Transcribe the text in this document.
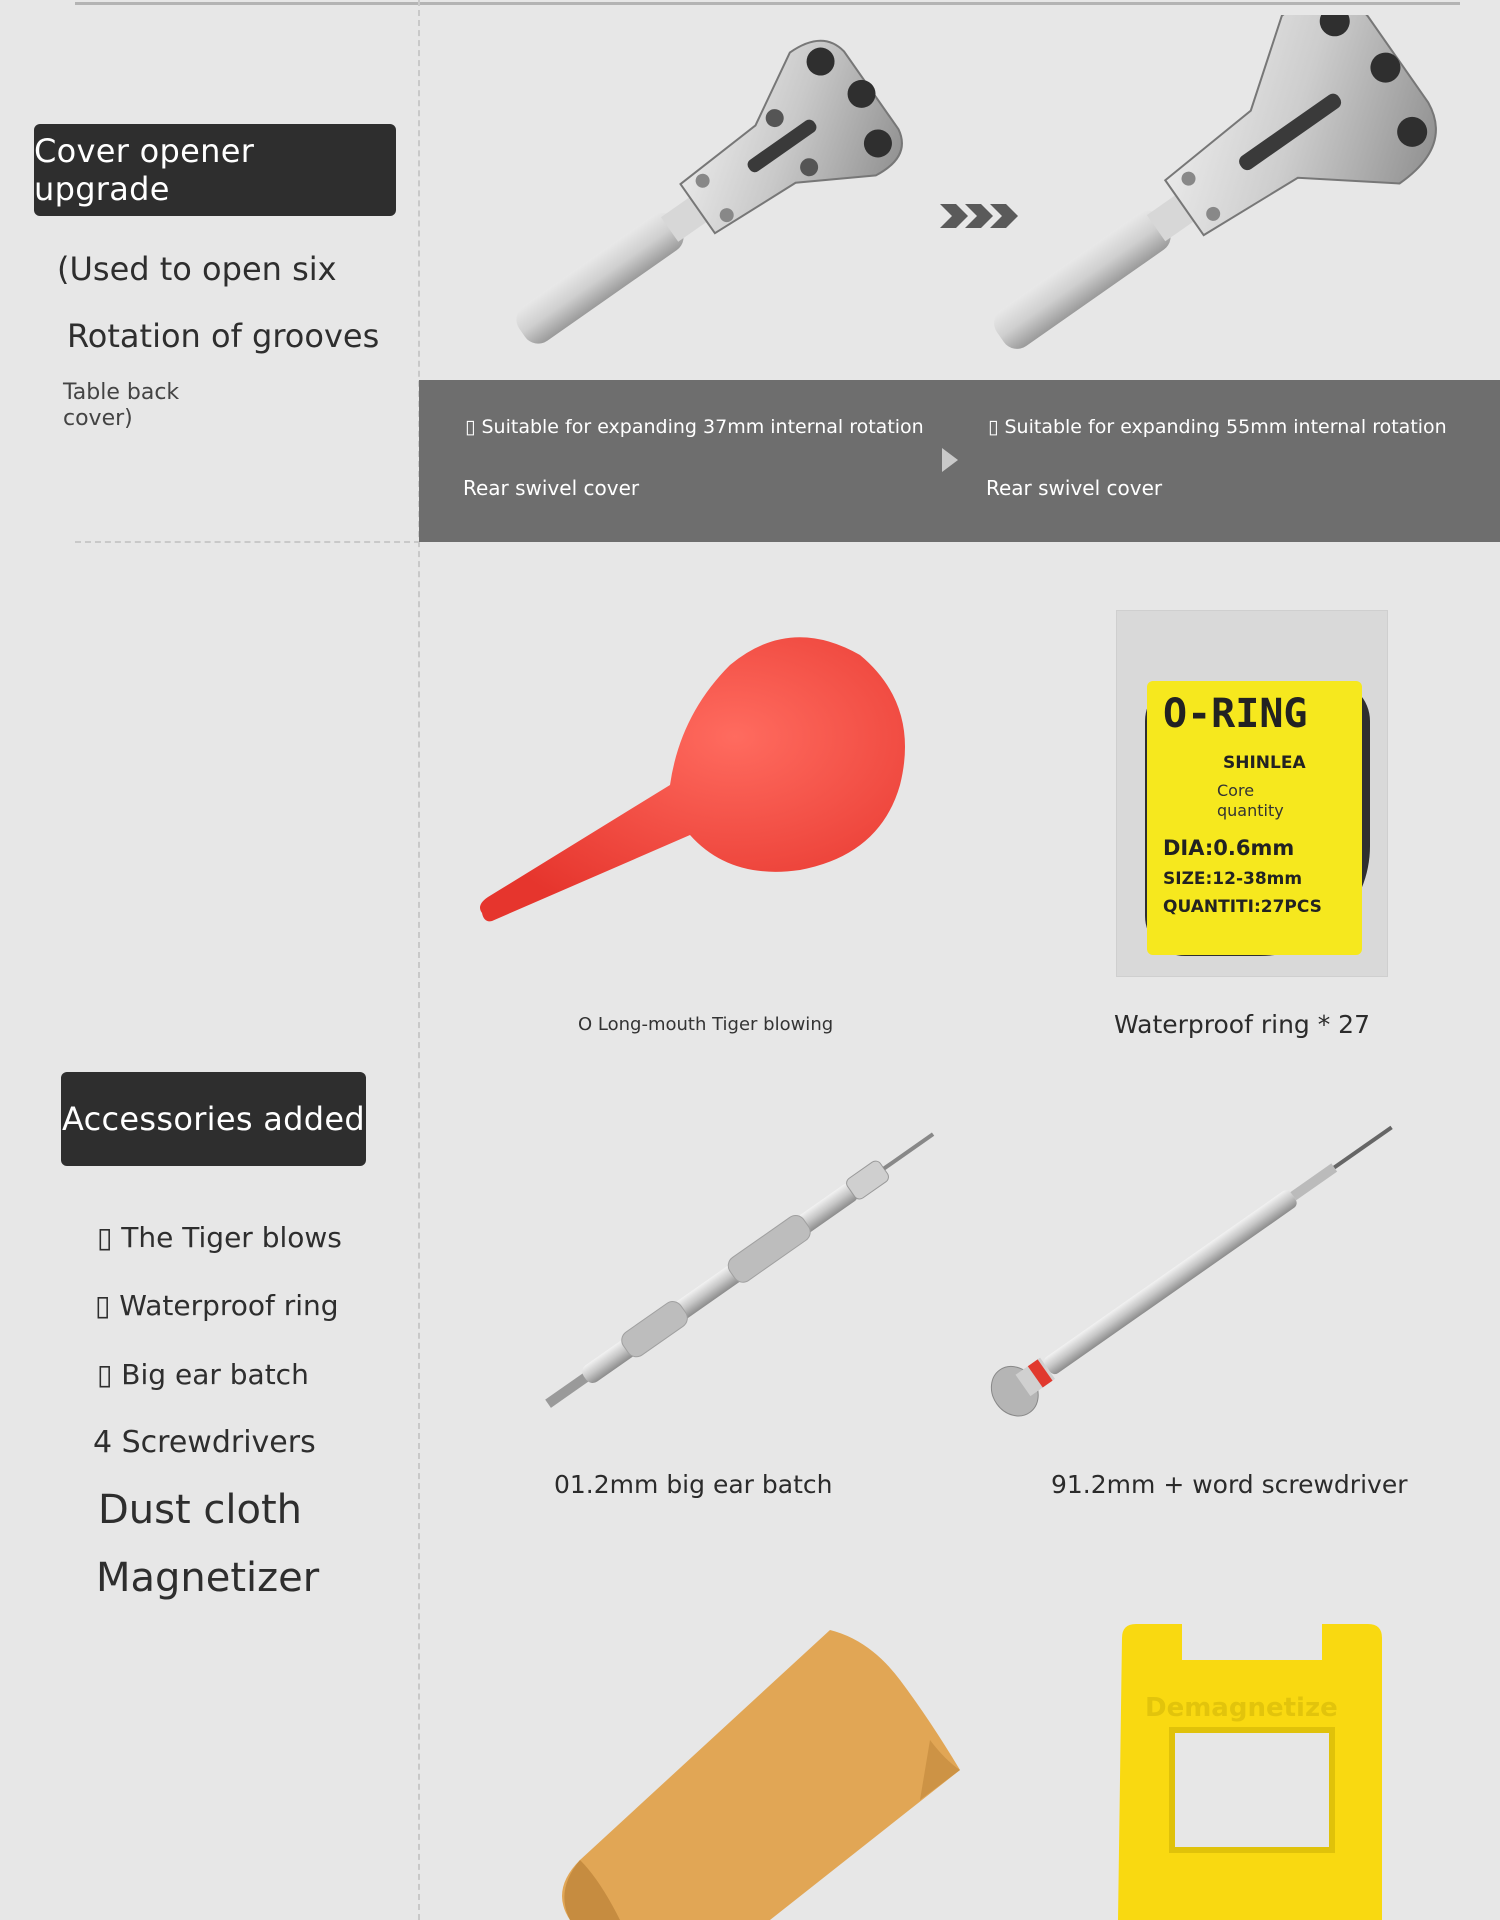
Cover opener upgrade
(Used to open six
Rotation of grooves
Table back
cover)
Accessories added
▯ The Tiger blows
▯ Waterproof ring
▯ Big ear batch
4 Screwdrivers
Dust cloth
Magnetizer
▯ Suitable for expanding 37mm internal rotation
Rear swivel cover
▯ Suitable for expanding 55mm internal rotation
Rear swivel cover
O Long-mouth Tiger blowing
O-RING
SHINLEA
Core
quantity
DIA:0.6mm
SIZE:12-38mm
QUANTITI:27PCS
Waterproof ring * 27
01.2mm big ear batch	91.2mm + word screwdriver
Demagnetize
